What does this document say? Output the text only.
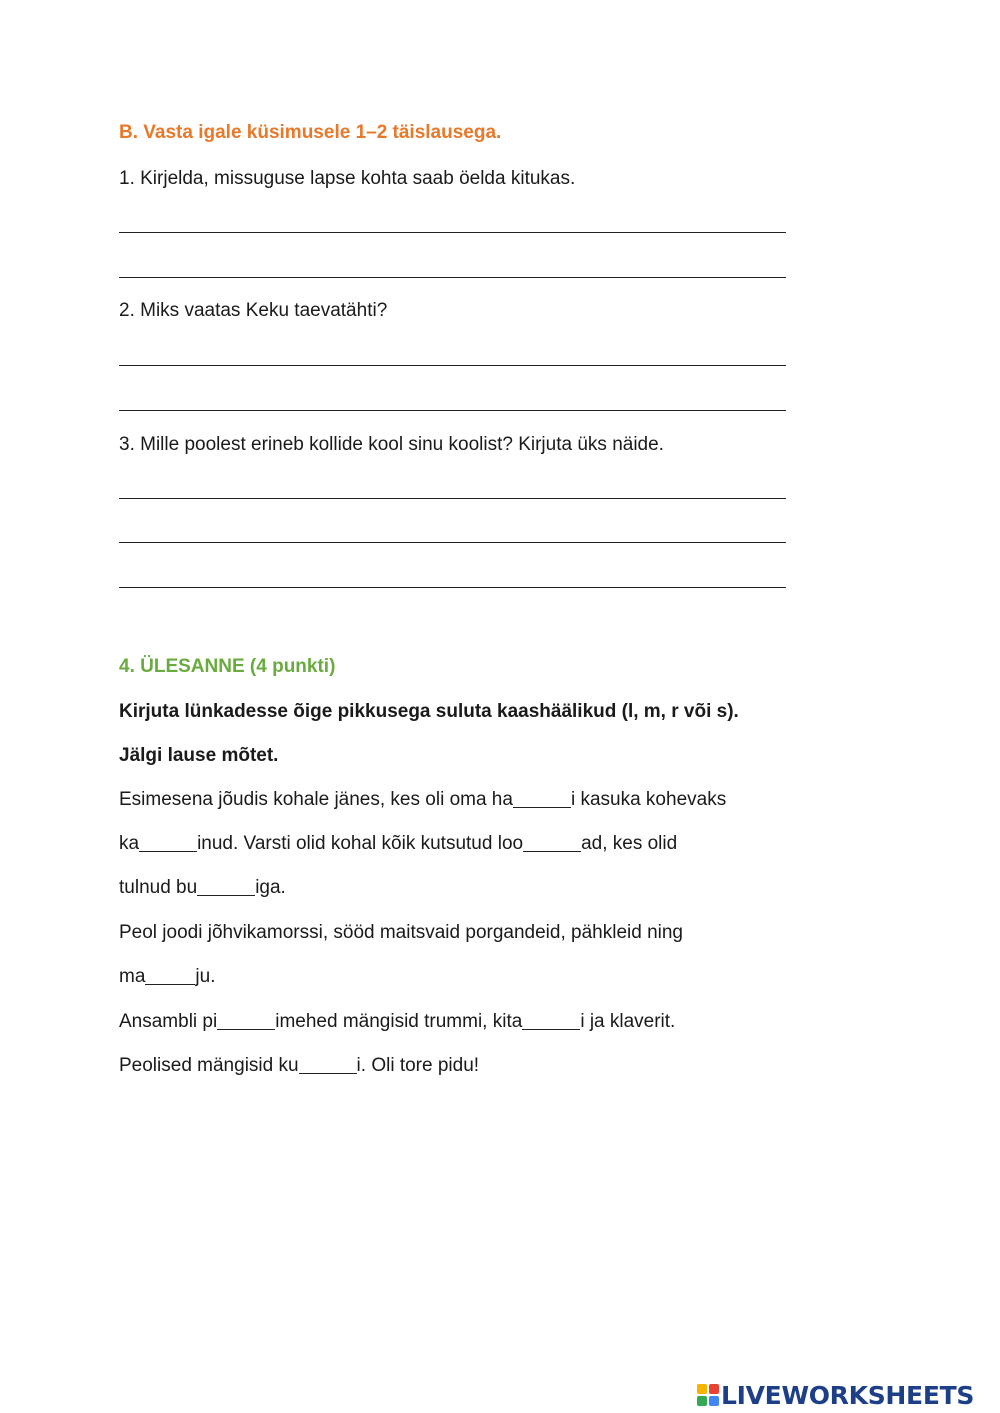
B. Vasta igale küsimusele 1–2 täislausega.
1. Kirjelda, missuguse lapse kohta saab öelda kitukas.
2. Miks vaatas Keku taevatähti?
3. Mille poolest erineb kollide kool sinu koolist? Kirjuta üks näide.
4. ÜLESANNE (4 punkti)
Kirjuta lünkadesse õige pikkusega suluta kaashäälikud (l, m, r või s).
Jälgi lause mõtet.
Esimesena jõudis kohale jänes, kes oli oma ha	i kasuka kohevaks
ka	inud. Varsti olid kohal kõik kutsutud loo	ad, kes olid
tulnud bu	iga.
Peol joodi jõhvikamorssi, sööd maitsvaid porgandeid, pähkleid ning
ma	ju.
Ansambli pi	imehed mängisid trummi, kita	i ja klaverit.
Peolised mängisid ku	i. Oli tore pidu!
LIVEWORKSHEETS
